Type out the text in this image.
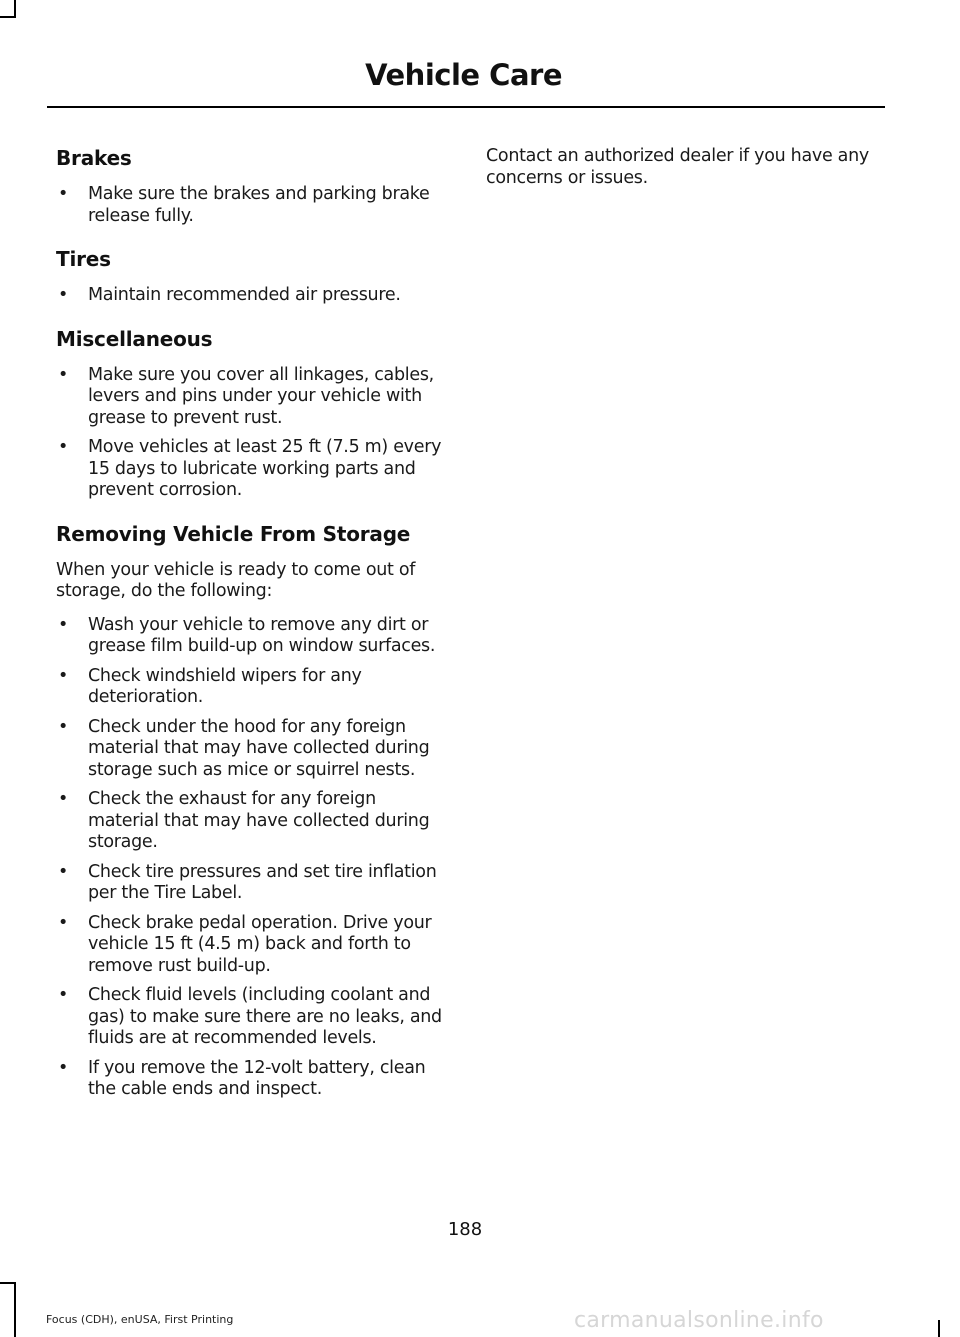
Vehicle Care
Brakes
• Make sure the brakes and parking brake release fully.
Tires
• Maintain recommended air pressure.
Miscellaneous
• Make sure you cover all linkages, cables, levers and pins under your vehicle with grease to prevent rust.
• Move vehicles at least 25 ft (7.5 m) every 15 days to lubricate working parts and prevent corrosion.
Removing Vehicle From Storage

When your vehicle is ready to come out of storage, do the following:

• Wash your vehicle to remove any dirt or grease film build-up on window surfaces.
• Check windshield wipers for any deterioration.
• Check under the hood for any foreign material that may have collected during storage such as mice or squirrel nests.
• Check the exhaust for any foreign material that may have collected during storage.
• Check tire pressures and set tire inflation per the Tire Label.
• Check brake pedal operation. Drive your vehicle 15 ft (4.5 m) back and forth to remove rust build-up.
• Check fluid levels (including coolant and gas) to make sure there are no leaks, and fluids are at recommended levels.
• If you remove the 12-volt battery, clean the cable ends and inspect.

Contact an authorized dealer if you have any concerns or issues.

188
Focus (CDH), enUSA, First Printing	carmanualsonline.info
